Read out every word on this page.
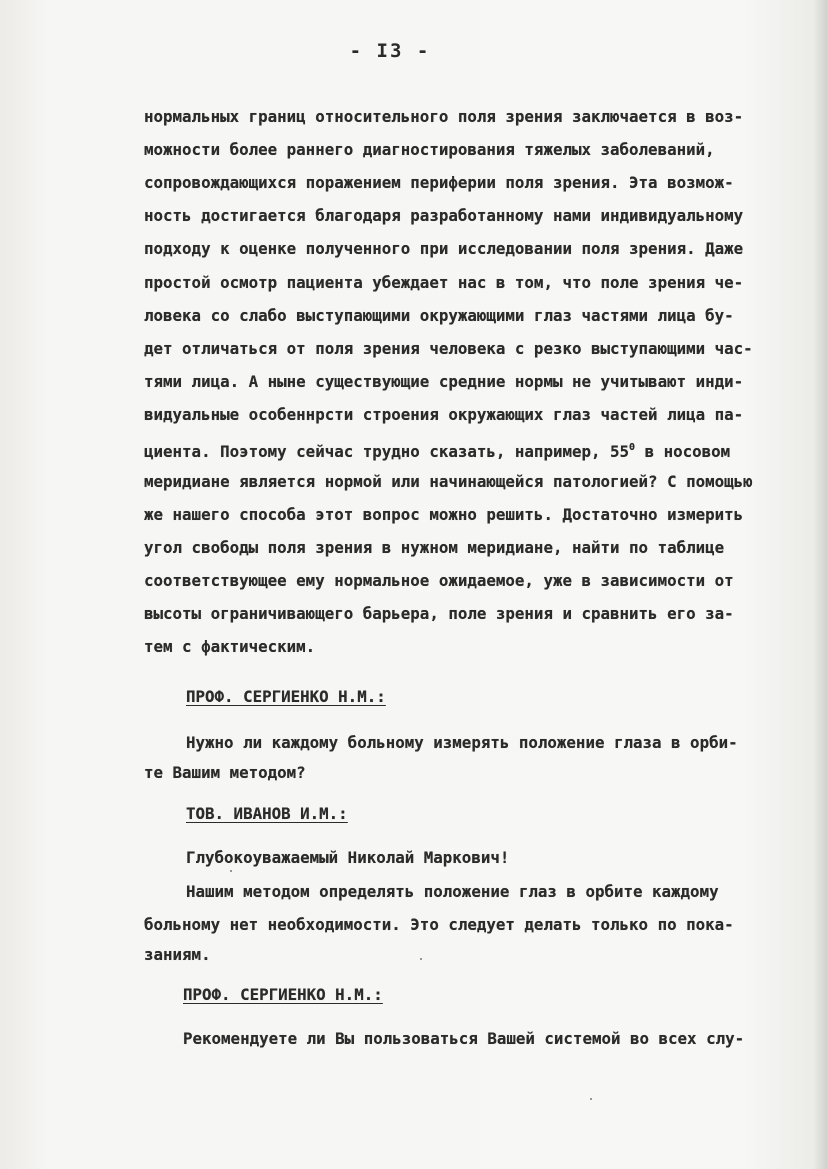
- I3 -
нормальных границ относительного поля зрения заключается в воз-
можности более раннего диагностирования тяжелых заболеваний,
сопровождающихся поражением периферии поля зрения. Эта возмож-
ность достигается благодаря разработанному нами индивидуальному
подходу к оценке полученного при исследовании поля зрения. Даже
простой осмотр пациента убеждает нас в том, что поле зрения че-
ловека со слабо выступающими окружающими глаз частями лица бу-
дет отличаться от поля зрения человека с резко выступающими час-
тями лица. А ныне существующие средние нормы не учитывают инди-
видуальные особеннрсти строения окружающих глаз частей лица па-
циента. Поэтому сейчас трудно сказать, например, $55^0$ в носовом
меридиане является нормой или начинающейся патологией? С помощью
же нашего способа этот вопрос можно решить. Достаточно измерить
угол свободы поля зрения в нужном меридиане, найти по таблице
соответствующее ему нормальное ожидаемое, уже в зависимости от
высоты ограничивающего барьера, поле зрения и сравнить его за-
тем с фактическим.
ПРОФ. СЕРГИЕНКО Н.М.:
Нужно ли каждому больному измерять положение глаза в орби-
те Вашим методом?
ТОВ. ИВАНОВ И.М.:
Глубокоуважаемый Николай Маркович!
Нашим методом определять положение глаз в орбите каждому
больному нет необходимости. Это следует делать только по пока-
заниям.
ПРОФ. СЕРГИЕНКО Н.М.:
Рекомендуете ли Вы пользоваться Вашей системой во всех слу-
